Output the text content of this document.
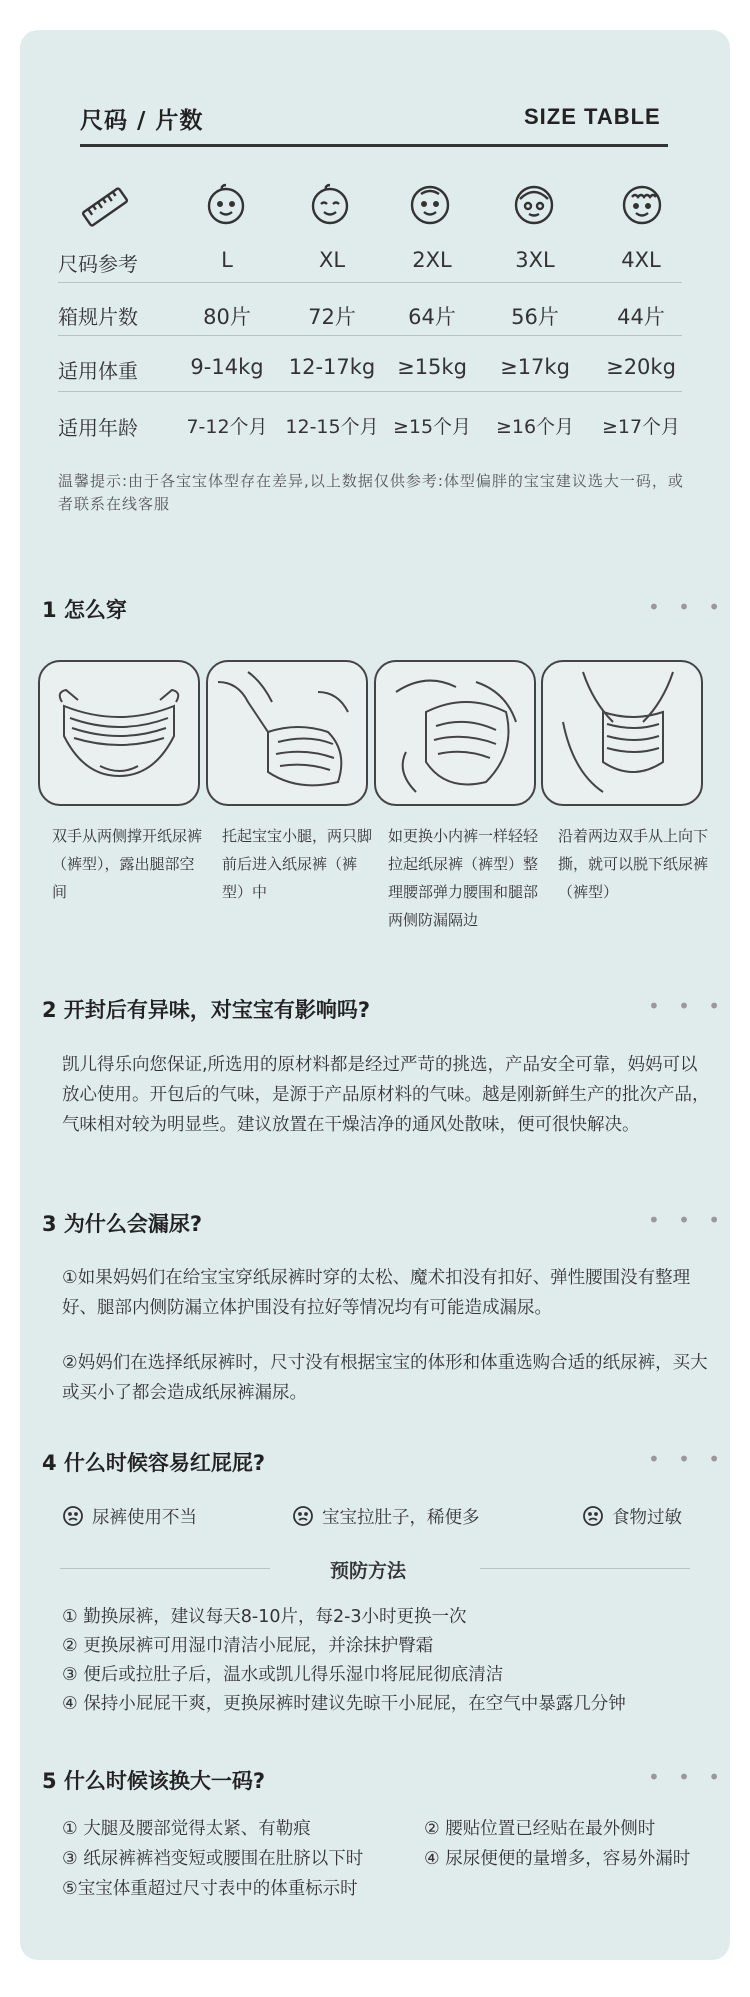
尺码 / 片数	SIZE TABLE
尺码参考	L	XL	2XL	3XL	4XL
箱规片数	80片	72片	64片	56片	44片
适用体重	9-14kg	12-17kg	≥15kg	≥17kg	≥20kg
适用年龄	7-12个月 12-15个月 ≥15个月	≥16个月	≥17个月
温馨提示:由于各宝宝体型存在差异,以上数据仅供参考:体型偏胖的宝宝建议选大一码，或者联系在线客服
1 怎么穿	• • •
双手从两侧撑开纸尿裤（裤型），露出腿部空间
托起宝宝小腿，两只脚前后进入纸尿裤（裤型）中
如更换小内裤一样轻轻拉起纸尿裤（裤型）整理腰部弹力腰围和腿部两侧防漏隔边
沿着两边双手从上向下撕，就可以脱下纸尿裤（裤型）
2 开封后有异味，对宝宝有影响吗?	• • •
凯儿得乐向您保证,所选用的原材料都是经过严苛的挑选，产品安全可靠，妈妈可以放心使用。开包后的气味，是源于产品原材料的气味。越是刚新鲜生产的批次产品，气味相对较为明显些。建议放置在干燥洁净的通风处散味，便可很快解决。
3 为什么会漏尿?	• • •
①如果妈妈们在给宝宝穿纸尿裤时穿的太松、魔术扣没有扣好、弹性腰围没有整理好、腿部内侧防漏立体护围没有拉好等情况均有可能造成漏尿。
②妈妈们在选择纸尿裤时，尺寸没有根据宝宝的体形和体重选购合适的纸尿裤，买大或买小了都会造成纸尿裤漏尿。
4 什么时候容易红屁屁?	• • •
尿裤使用不当	宝宝拉肚子，稀便多	食物过敏
预防方法
① 勤换尿裤，建议每天8-10片，每2-3小时更换一次
② 更换尿裤可用湿巾清洁小屁屁，并涂抹护臀霜
③ 便后或拉肚子后，温水或凯儿得乐湿巾将屁屁彻底清洁
④ 保持小屁屁干爽，更换尿裤时建议先晾干小屁屁，在空气中暴露几分钟
5 什么时候该换大一码?	• • •
① 大腿及腰部觉得太紧、有勒痕	② 腰贴位置已经贴在最外侧时
③ 纸尿裤裤裆变短或腰围在肚脐以下时	④ 尿尿便便的量增多，容易外漏时
⑤宝宝体重超过尺寸表中的体重标示时
